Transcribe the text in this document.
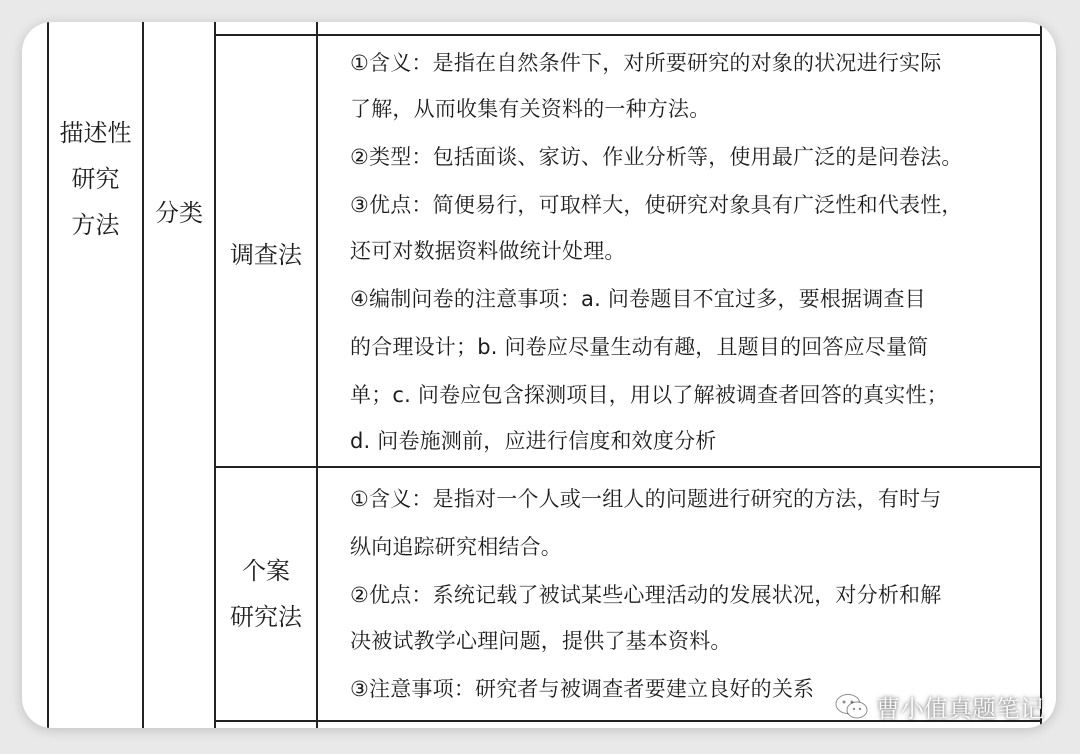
描述性
研究
方法	分类
调查法
个案
研究法
①含义：是指在自然条件下，对所要研究的对象的状况进行实际
了解，从而收集有关资料的一种方法。
②类型：包括面谈、家访、作业分析等，使用最广泛的是问卷法。
③优点：简便易行，可取样大，使研究对象具有广泛性和代表性，
还可对数据资料做统计处理。
④编制问卷的注意事项：a. 问卷题目不宜过多，要根据调查目
的合理设计；b. 问卷应尽量生动有趣，且题目的回答应尽量简
单；c. 问卷应包含探测项目，用以了解被调查者回答的真实性；
d. 问卷施测前，应进行信度和效度分析
①含义：是指对一个人或一组人的问题进行研究的方法，有时与
纵向追踪研究相结合。
②优点：系统记载了被试某些心理活动的发展状况，对分析和解
决被试教学心理问题，提供了基本资料。
③注意事项：研究者与被调查者要建立良好的关系
曹小值真题笔记
